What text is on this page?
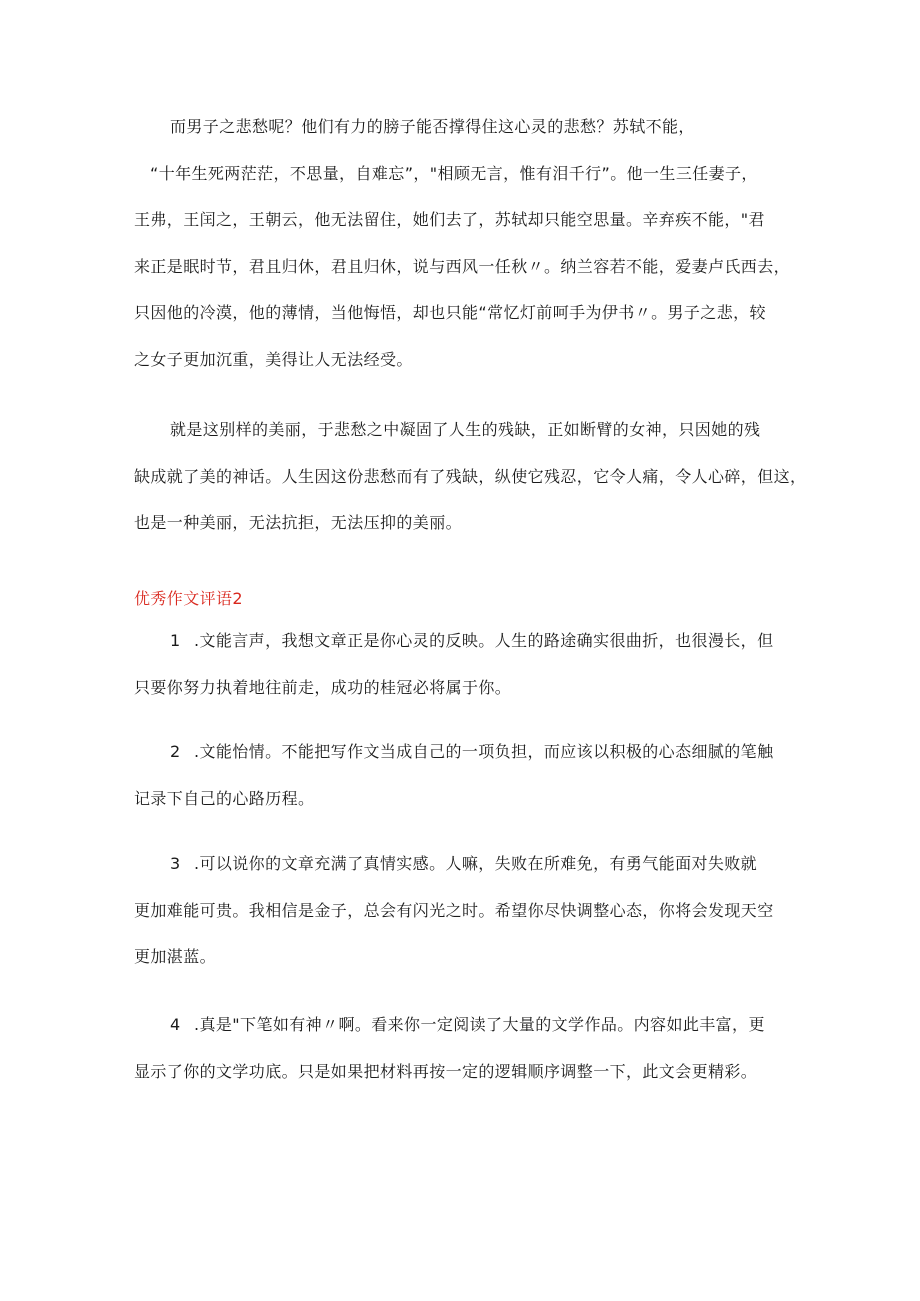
而男子之悲愁呢？他们有力的膀子能否撑得住这心灵的悲愁？苏轼不能，
“十年生死两茫茫，不思量，自难忘”，"相顾无言，惟有泪千行”。他一生三任妻子，
王弗，王闰之，王朝云，他无法留住，她们去了，苏轼却只能空思量。辛弃疾不能，"君
来正是眠时节，君且归休，君且归休，说与西风一任秋〃。纳兰容若不能，爱妻卢氏西去，
只因他的冷漠，他的薄情，当他悔悟，却也只能“常忆灯前呵手为伊书〃。男子之悲，较
之女子更加沉重，美得让人无法经受。

就是这别样的美丽，于悲愁之中凝固了人生的残缺，正如断臂的女神，只因她的残
缺成就了美的神话。人生因这份悲愁而有了残缺，纵使它残忍，它令人痛，令人心碎，但这，
也是一种美丽，无法抗拒，无法压抑的美丽。

优秀作文评语2

1 .文能言声，我想文章正是你心灵的反映。人生的路途确实很曲折，也很漫长，但
只要你努力执着地往前走，成功的桂冠必将属于你。

2 .文能怡情。不能把写作文当成自己的一项负担，而应该以积极的心态细腻的笔触
记录下自己的心路历程。

3 .可以说你的文章充满了真情实感。人嘛，失败在所难免，有勇气能面对失败就
更加难能可贵。我相信是金子，总会有闪光之时。希望你尽快调整心态，你将会发现天空
更加湛蓝。

4 .真是"下笔如有神〃啊。看来你一定阅读了大量的文学作品。内容如此丰富，更
显示了你的文学功底。只是如果把材料再按一定的逻辑顺序调整一下，此文会更精彩。
